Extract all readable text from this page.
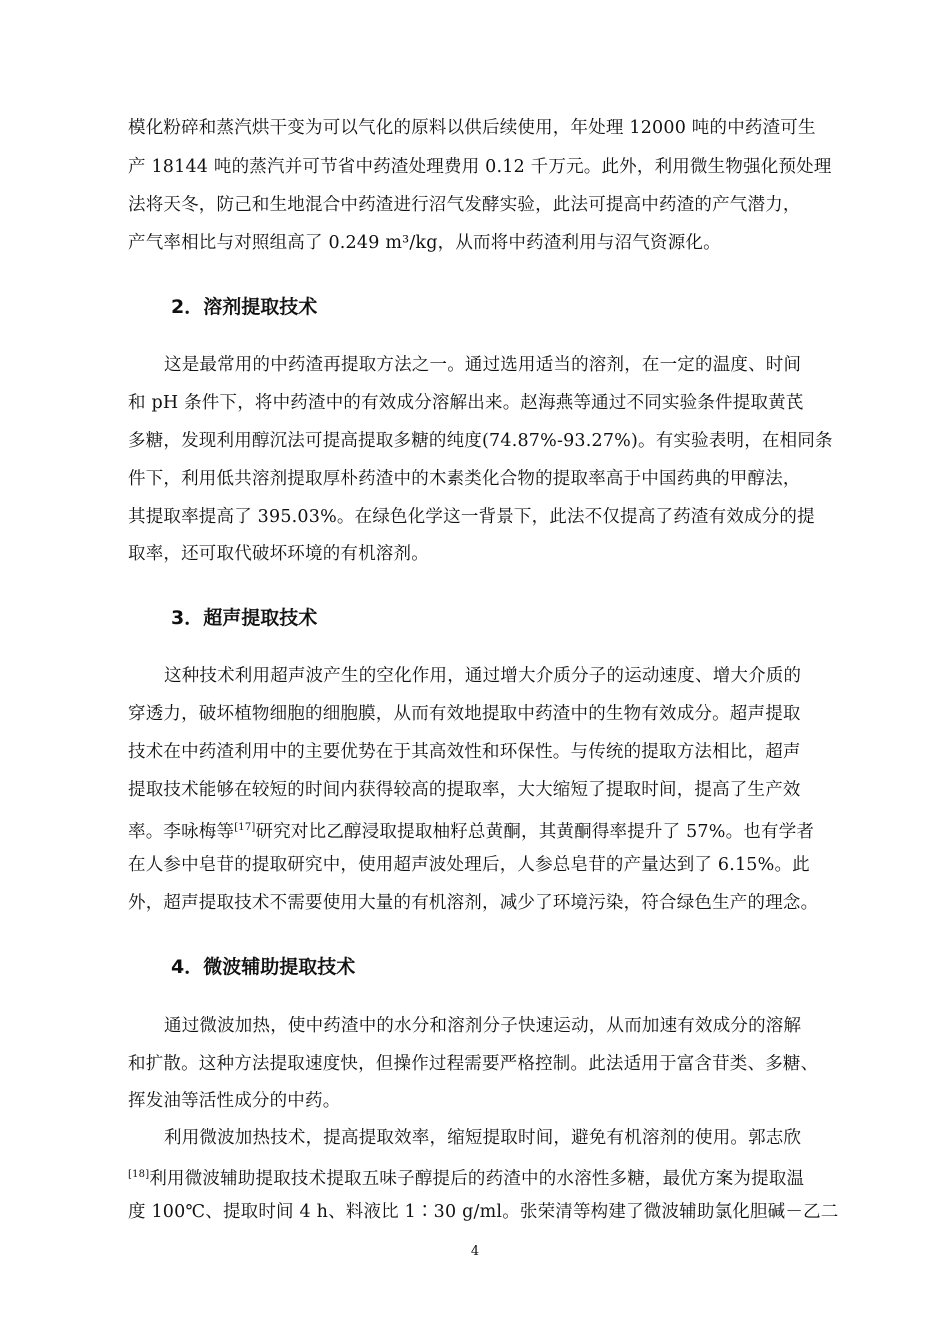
模化粉碎和蒸汽烘干变为可以气化的原料以供后续使用，年处理 12000 吨的中药渣可生
产 18144 吨的蒸汽并可节省中药渣处理费用 0.12 千万元。此外，利用微生物强化预处理
法将天冬，防己和生地混合中药渣进行沼气发酵实验，此法可提高中药渣的产气潜力，
产气率相比与对照组高了 0.249 m³/kg，从而将中药渣利用与沼气资源化。
2．溶剂提取技术
这是最常用的中药渣再提取方法之一。通过选用适当的溶剂，在一定的温度、时间
和 pH 条件下，将中药渣中的有效成分溶解出来。赵海燕等通过不同实验条件提取黄芪
多糖，发现利用醇沉法可提高提取多糖的纯度(74.87%-93.27%)。有实验表明，在相同条
件下，利用低共溶剂提取厚朴药渣中的木素类化合物的提取率高于中国药典的甲醇法，
其提取率提高了 395.03%。在绿色化学这一背景下，此法不仅提高了药渣有效成分的提
取率，还可取代破坏环境的有机溶剂。
3．超声提取技术
这种技术利用超声波产生的空化作用，通过增大介质分子的运动速度、增大介质的
穿透力，破坏植物细胞的细胞膜，从而有效地提取中药渣中的生物有效成分。超声提取
技术在中药渣利用中的主要优势在于其高效性和环保性。与传统的提取方法相比，超声
提取技术能够在较短的时间内获得较高的提取率，大大缩短了提取时间，提高了生产效
率。李咏梅等[17]研究对比乙醇浸取提取柚籽总黄酮，其黄酮得率提升了 57%。也有学者
在人参中皂苷的提取研究中，使用超声波处理后，人参总皂苷的产量达到了 6.15%。此
外，超声提取技术不需要使用大量的有机溶剂，减少了环境污染，符合绿色生产的理念。
4．微波辅助提取技术
通过微波加热，使中药渣中的水分和溶剂分子快速运动，从而加速有效成分的溶解
和扩散。这种方法提取速度快，但操作过程需要严格控制。此法适用于富含苷类、多糖、
挥发油等活性成分的中药。
利用微波加热技术，提高提取效率，缩短提取时间，避免有机溶剂的使用。郭志欣
[18]利用微波辅助提取技术提取五味子醇提后的药渣中的水溶性多糖，最优方案为提取温
度 100℃、提取时间 4 h、料液比 1∶30 g/ml。张荣清等构建了微波辅助氯化胆碱－乙二
4
